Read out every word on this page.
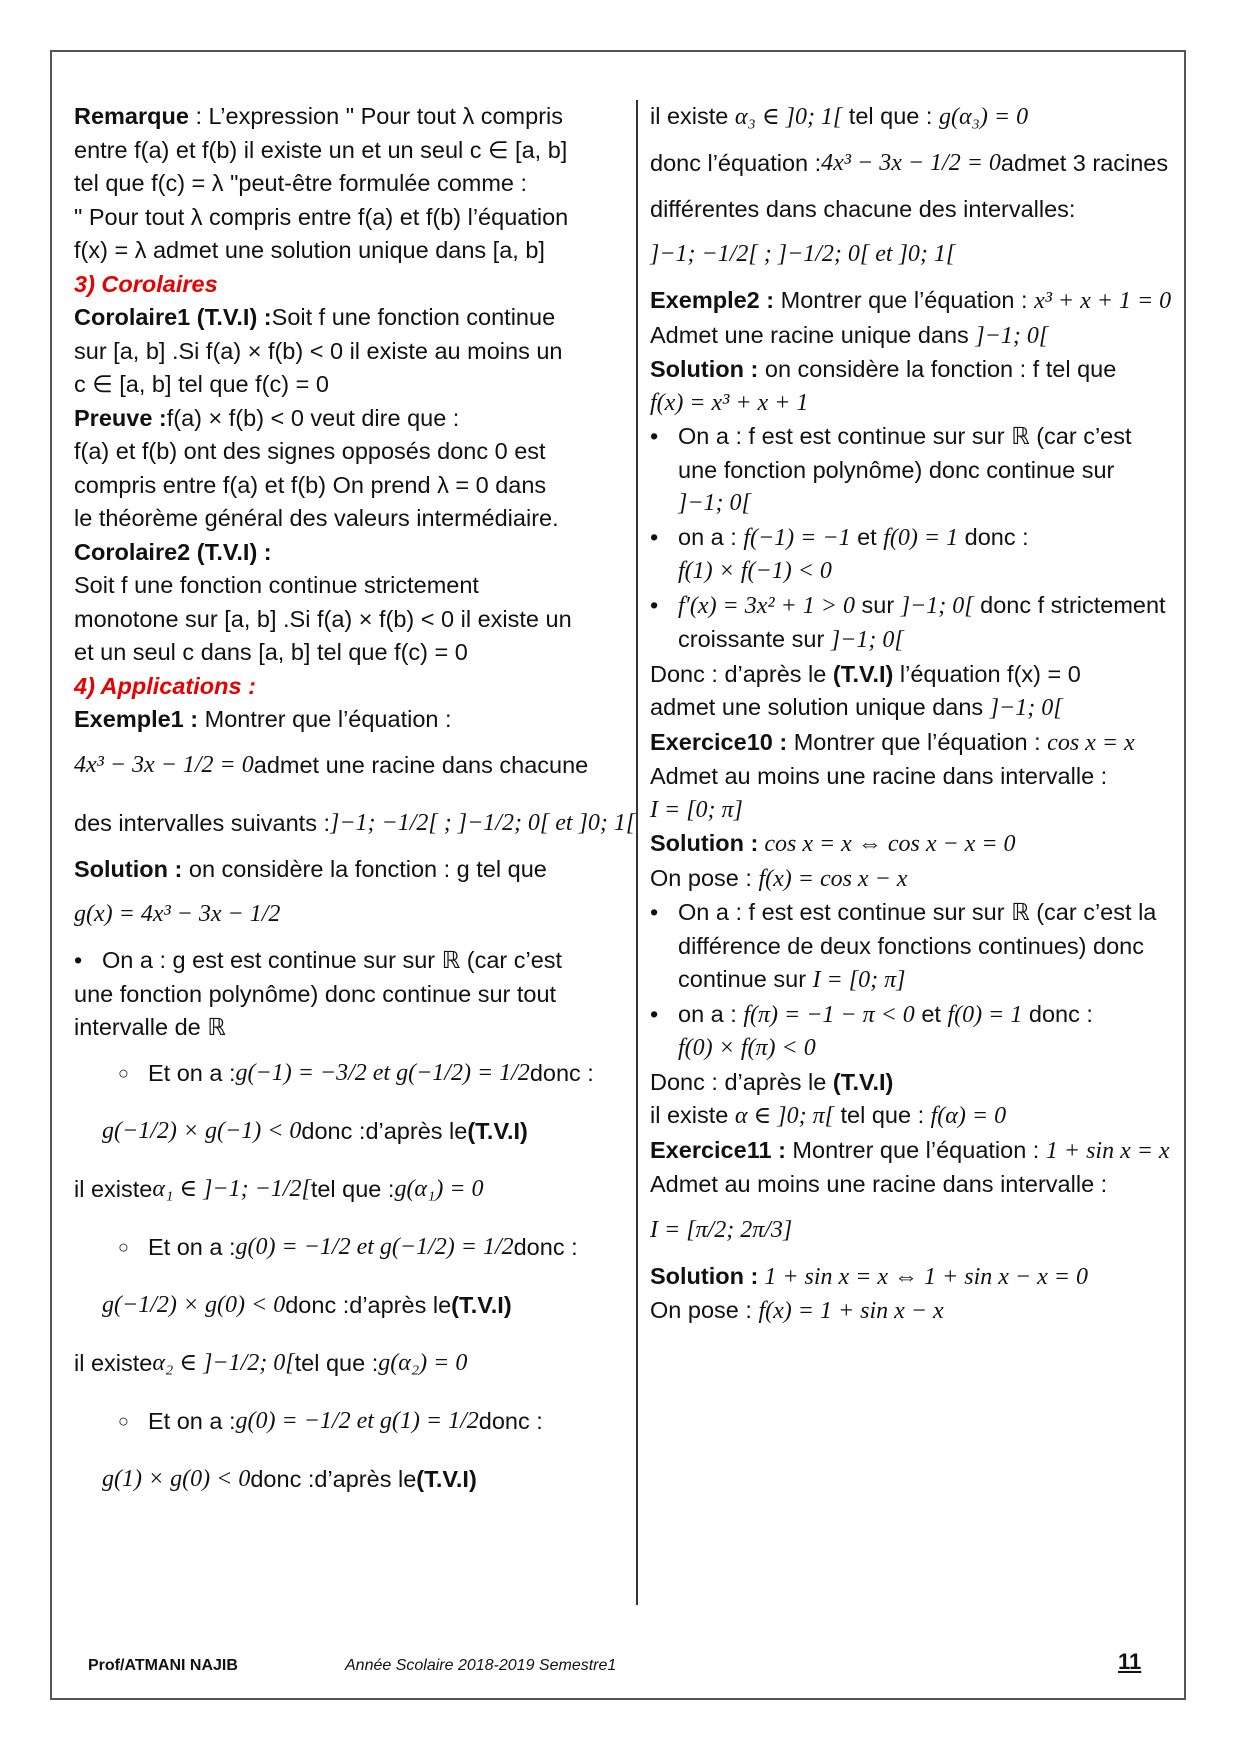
Remarque : L’expression " Pour tout λ compris
entre f(a) et f(b) il existe un et un seul c ∈ [a, b]
tel que f(c) = λ "peut-être formulée comme :
" Pour tout λ compris entre f(a) et f(b) l’équation
f(x) = λ admet une solution unique dans [a, b]
3) Corolaires
Corolaire1 (T.V.I) :Soit f une fonction continue
sur [a, b] .Si f(a) × f(b) < 0 il existe au moins un
c ∈ [a, b] tel que f(c) = 0
Preuve :f(a) × f(b) < 0 veut dire que :
f(a) et f(b) ont des signes opposés donc 0 est
compris entre f(a) et f(b) On prend λ = 0 dans
le théorème général des valeurs intermédiaire.
Corolaire2 (T.V.I) :
Soit f une fonction continue strictement
monotone sur [a, b] .Si f(a) × f(b) < 0 il existe un
et un seul c dans [a, b] tel que f(c) = 0
4) Applications :
Exemple1 : Montrer que l’équation :
4x³ − 3x − 1/2 = 0 admet une racine dans chacune
des intervalles suivants : ]−1; −1/2[ ; ]−1/2; 0[ et ]0; 1[
Solution : on considère la fonction : g tel que
g(x) = 4x³ − 3x − 1/2
• On a : g est est continue sur sur ℝ (car c’est
une fonction polynôme) donc continue sur tout
intervalle de ℝ
○ Et on a : g(−1) = −3/2 et g(−1/2) = 1/2 donc :
g(−1/2) × g(−1) < 0 donc :d’après le (T.V.I)
il existe α₁ ∈ ]−1; −1/2[ tel que : g(α₁) = 0
○ Et on a : g(0) = −1/2 et g(−1/2) = 1/2 donc :
g(−1/2) × g(0) < 0 donc :d’après le (T.V.I)
il existe α₂ ∈ ]−1/2; 0[ tel que : g(α₂) = 0
○ Et on a : g(0) = −1/2 et g(1) = 1/2 donc :
g(1) × g(0) < 0 donc :d’après le (T.V.I)
il existe α₃ ∈ ]0; 1[ tel que : g(α₃) = 0
donc l’équation : 4x³ − 3x − 1/2 = 0 admet 3 racines
différentes dans chacune des intervalles:
]−1; −1/2[ ; ]−1/2; 0[ et ]0; 1[
Exemple2 : Montrer que l’équation : x³ + x + 1 = 0
Admet une racine unique dans ]−1; 0[
Solution : on considère la fonction : f tel que
f(x) = x³ + x + 1
• On a : f est est continue sur sur ℝ (car c’est
une fonction polynôme) donc continue sur
]−1; 0[
• on a : f(−1) = −1 et f(0) = 1 donc :
f(1) × f(−1) < 0
• f′(x) = 3x² + 1 > 0 sur ]−1; 0[ donc f strictement
croissante sur ]−1; 0[
Donc : d’après le (T.V.I) l’équation f(x) = 0
admet une solution unique dans ]−1; 0[
Exercice10 : Montrer que l’équation : cos x = x
Admet au moins une racine dans intervalle :
I = [0; π]
Solution : cos x = x ⇔ cos x − x = 0
On pose : f(x) = cos x − x
• On a : f est est continue sur sur ℝ (car c’est la
différence de deux fonctions continues) donc
continue sur I = [0; π]
• on a : f(π) = −1 − π < 0 et f(0) = 1 donc :
f(0) × f(π) < 0
Donc : d’après le (T.V.I)
il existe α ∈ ]0; π[ tel que : f(α) = 0
Exercice11 : Montrer que l’équation : 1 + sin x = x
Admet au moins une racine dans intervalle :
I = [π/2; 2π/3]
Solution : 1 + sin x = x ⇔ 1 + sin x − x = 0
On pose : f(x) = 1 + sin x − x
Prof/ATMANI NAJIB	Année Scolaire 2018-2019 Semestre1	11
